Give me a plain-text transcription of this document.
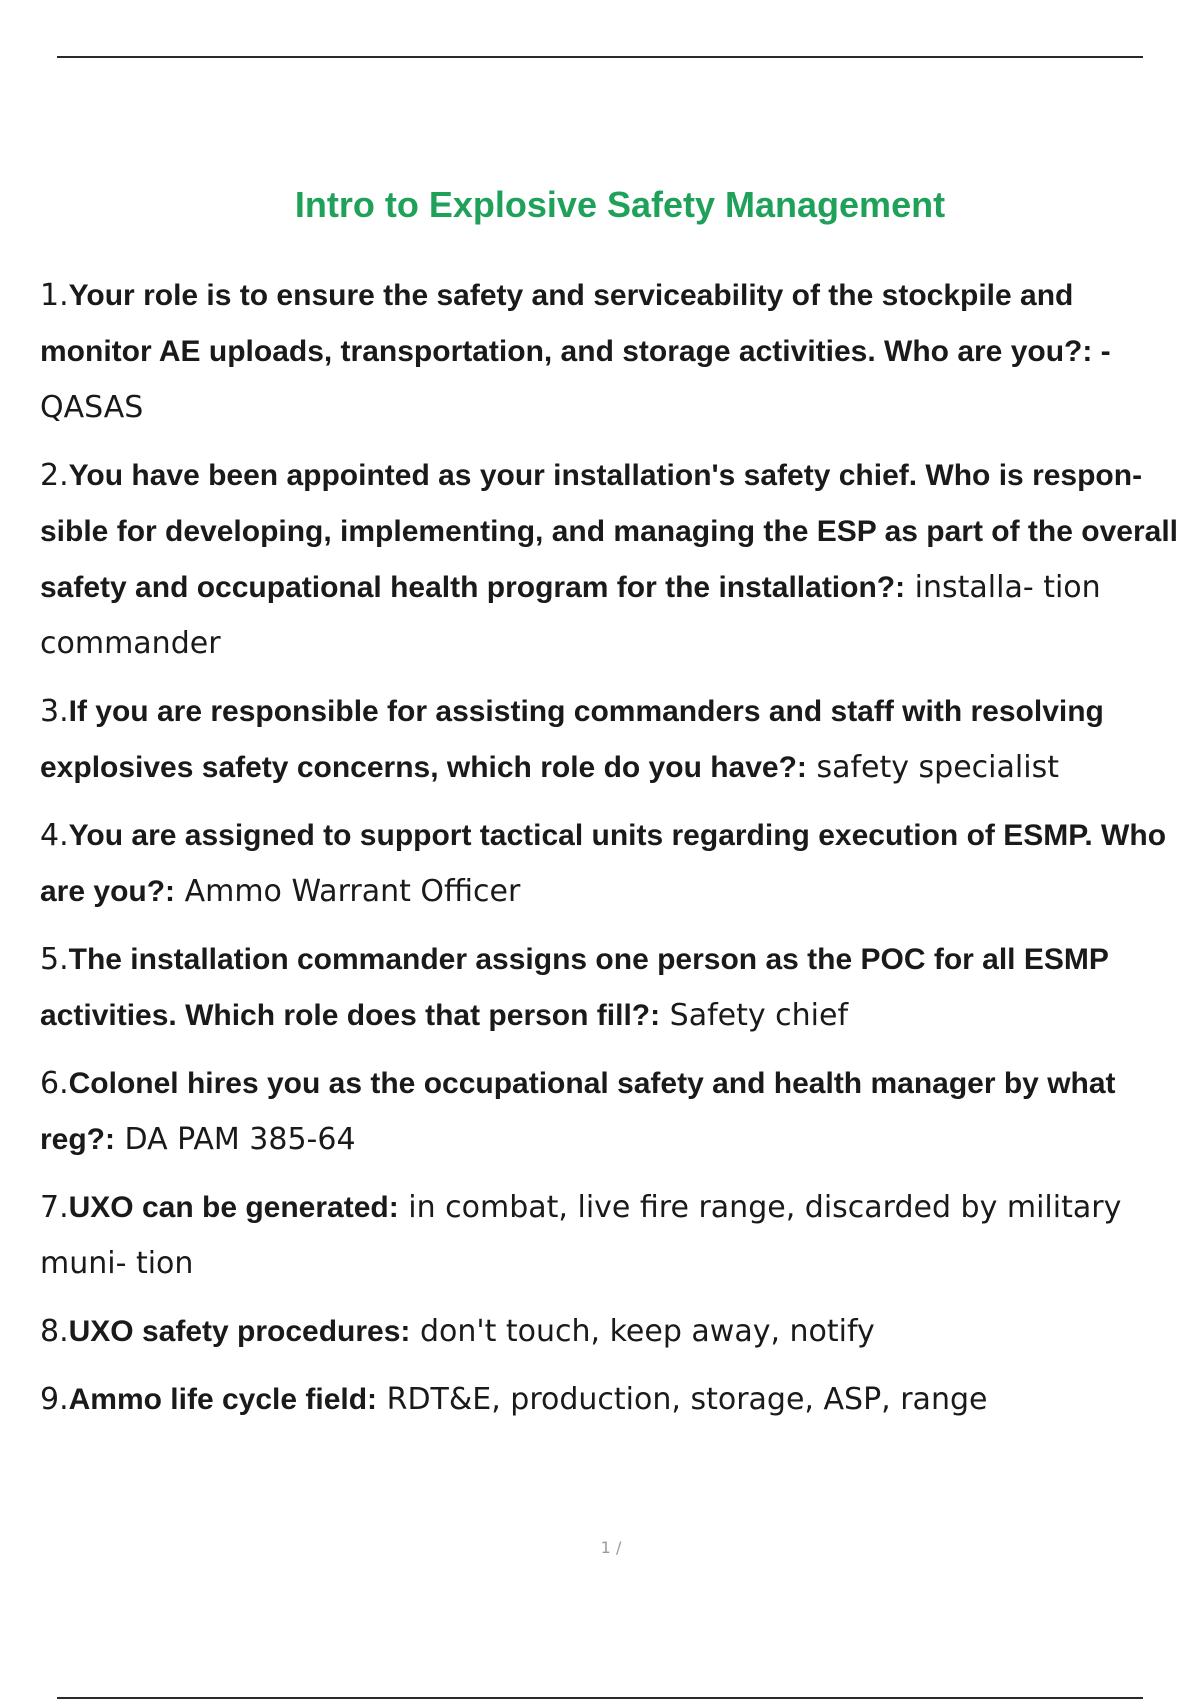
Intro to Explosive Safety Management
1.Your role is to ensure the safety and serviceability of the stockpile and monitor AE uploads, transportation, and storage activities. Who are you?: - QASAS
2.You have been appointed as your installation's safety chief. Who is respon- sible for developing, implementing, and managing the ESP as part of the overall safety and occupational health program for the installation?: installa- tion commander
3.If you are responsible for assisting commanders and staff with resolving explosives safety concerns, which role do you have?: safety specialist
4.You are assigned to support tactical units regarding execution of ESMP. Who are you?: Ammo Warrant Officer
5.The installation commander assigns one person as the POC for all ESMP activities. Which role does that person fill?: Safety chief
6.Colonel hires you as the occupational safety and health manager by what reg?: DA PAM 385-64
7.UXO can be generated: in combat, live fire range, discarded by military muni- tion
8.UXO safety procedures: don't touch, keep away, notify
9.Ammo life cycle field: RDT&E, production, storage, ASP, range
1 /
